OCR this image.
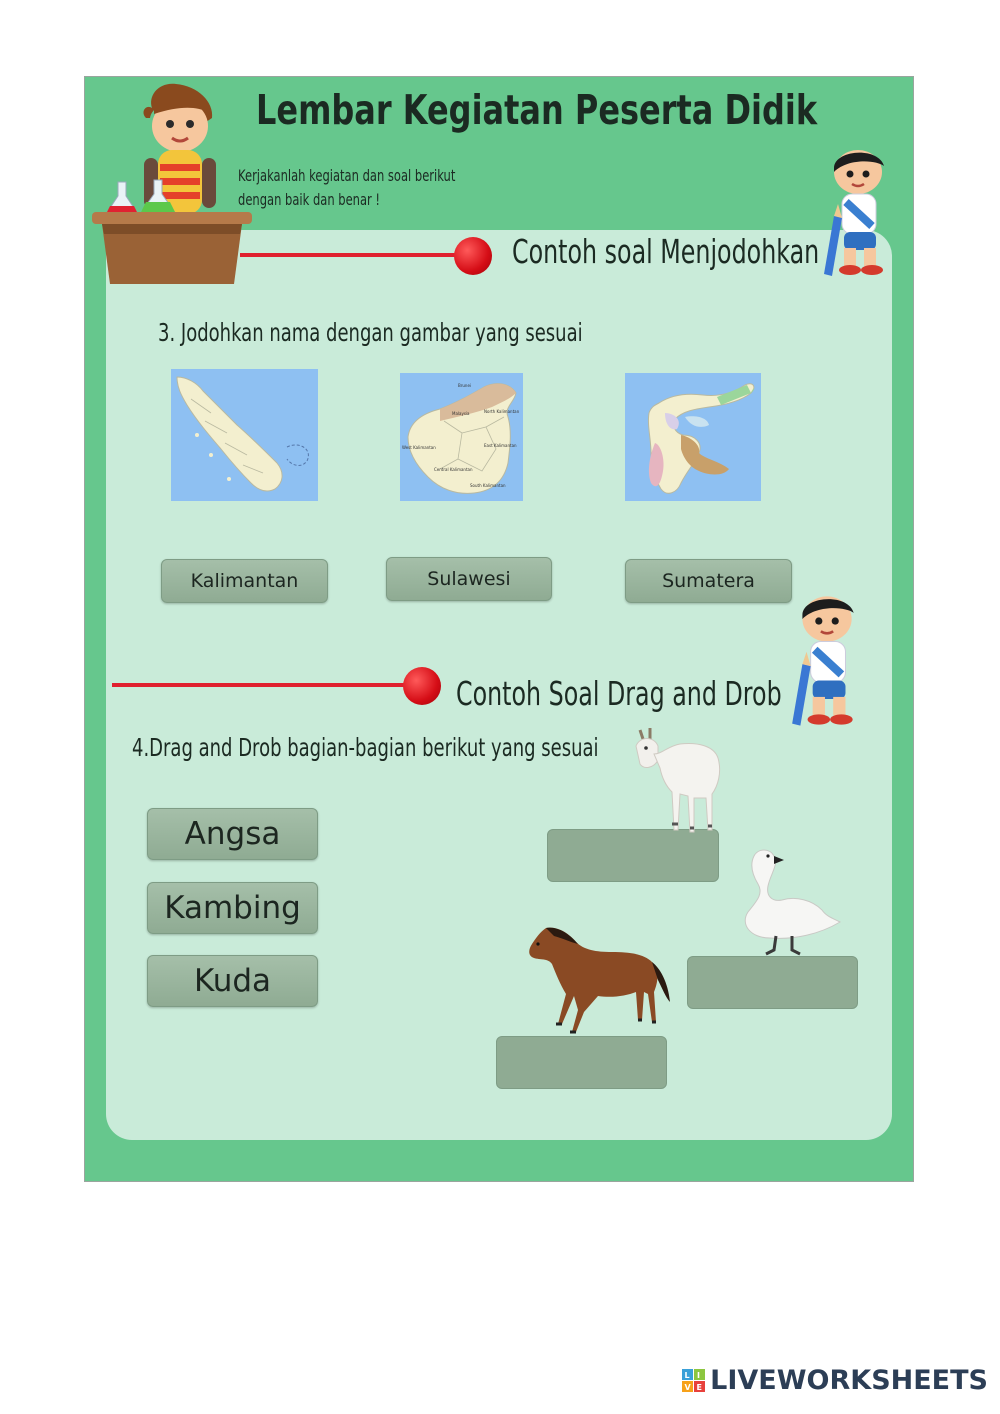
Lembar Kegiatan Peserta Didik
Kerjakanlah kegiatan dan soal berikut
dengan baik dan benar !
Contoh soal Menjodohkan
3. Jodohkan nama dengan gambar yang sesuai
Brunei
Malaysia	North Kalimantan
West Kalimantan	East Kalimantan
Central Kalimantan
South Kalimantan
Kalimantan	Sulawesi	Sumatera
Contoh Soal Drag and Drob
4.Drag and Drob bagian-bagian berikut yang sesuai
Angsa
Kambing
Kuda
L I
V E LIVEWORKSHEETS
